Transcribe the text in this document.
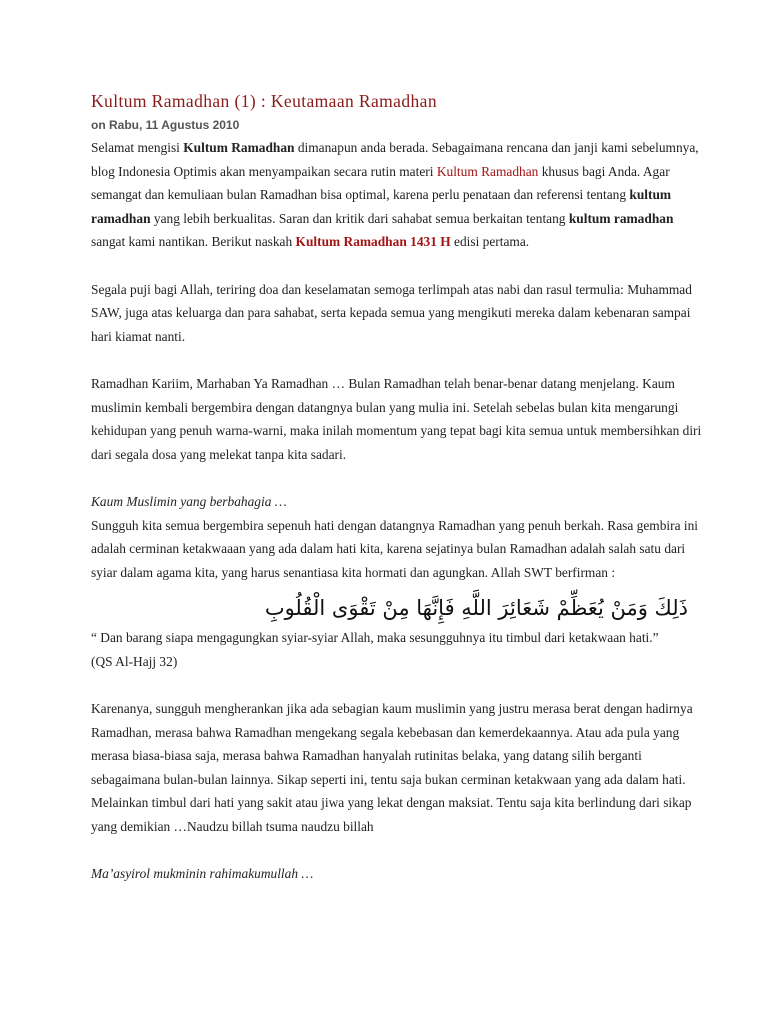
Kultum Ramadhan (1) : Keutamaan Ramadhan
on Rabu, 11 Agustus 2010

Selamat mengisi Kultum Ramadhan dimanapun anda berada. Sebagaimana rencana dan janji kami sebelumnya, blog Indonesia Optimis akan menyampaikan secara rutin materi Kultum Ramadhan khusus bagi Anda. Agar semangat dan kemuliaan bulan Ramadhan bisa optimal, karena perlu penataan dan referensi tentang kultum ramadhan yang lebih berkualitas. Saran dan kritik dari sahabat semua berkaitan tentang kultum ramadhan sangat kami nantikan. Berikut naskah Kultum Ramadhan 1431 H edisi pertama.

Segala puji bagi Allah, teriring doa dan keselamatan semoga terlimpah atas nabi dan rasul termulia: Muhammad SAW, juga atas keluarga dan para sahabat, serta kepada semua yang mengikuti mereka dalam kebenaran sampai hari kiamat nanti.

Ramadhan Kariim, Marhaban Ya Ramadhan … Bulan Ramadhan telah benar-benar datang menjelang. Kaum muslimin kembali bergembira dengan datangnya bulan yang mulia ini. Setelah sebelas bulan kita mengarungi kehidupan yang penuh warna-warni, maka inilah momentum yang tepat bagi kita semua untuk membersihkan diri dari segala dosa yang melekat tanpa kita sadari.

Kaum Muslimin yang berbahagia …

Sungguh kita semua bergembira sepenuh hati dengan datangnya Ramadhan yang penuh berkah. Rasa gembira ini adalah cerminan ketakwaaan yang ada dalam hati kita, karena sejatinya bulan Ramadhan adalah salah satu dari syiar dalam agama kita, yang harus senantiasa kita hormati dan agungkan. Allah SWT berfirman :

ذَلِكَ وَمَنْ يُعَظِّمْ شَعَائِرَ اللَّهِ فَإِنَّهَا مِنْ تَقْوَى الْقُلُوبِ

“ Dan barang siapa mengagungkan syiar-syiar Allah, maka sesungguhnya itu timbul dari ketakwaan hati.”

(QS Al-Hajj 32)

Karenanya, sungguh mengherankan jika ada sebagian kaum muslimin yang justru merasa berat dengan hadirnya Ramadhan, merasa bahwa Ramadhan mengekang segala kebebasan dan kemerdekaannya. Atau ada pula yang merasa biasa-biasa saja, merasa bahwa Ramadhan hanyalah rutinitas belaka, yang datang silih berganti sebagaimana bulan-bulan lainnya. Sikap seperti ini, tentu saja bukan cerminan ketakwaan yang ada dalam hati. Melainkan timbul dari hati yang sakit atau jiwa yang lekat dengan maksiat. Tentu saja kita berlindung dari sikap yang demikian …Naudzu billah tsuma naudzu billah

Ma’asyirol mukminin rahimakumullah …
